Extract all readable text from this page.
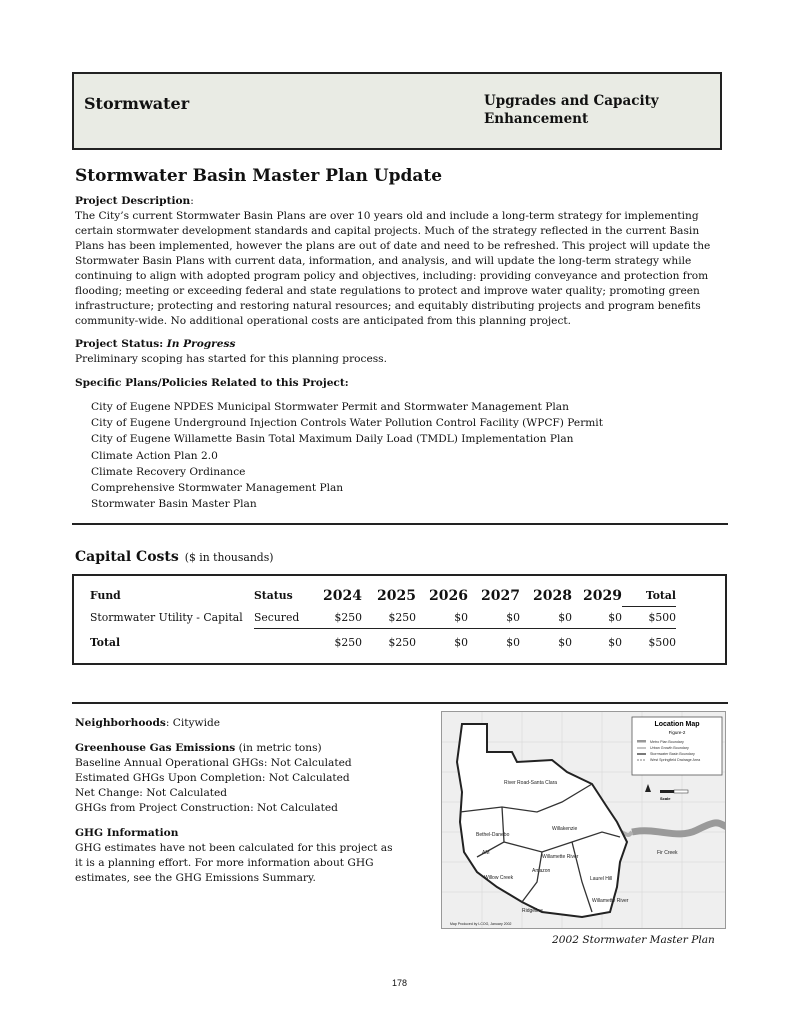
Stormwater	Upgrades and Capacity Enhancement
Stormwater Basin Master Plan Update
Project Description:
The City’s current Stormwater Basin Plans are over 10 years old and include a long-term strategy for implementing certain stormwater development standards and capital projects. Much of the strategy reflected in the current Basin Plans has been implemented, however the plans are out of date and need to be refreshed. This project will update the Stormwater Basin Plans with current data, information, and analysis, and will update the long-term strategy while continuing to align with adopted program policy and objectives, including: providing conveyance and protection from flooding; meeting or exceeding federal and state regulations to protect and improve water quality; promoting green infrastructure; protecting and restoring natural resources; and equitably distributing projects and program benefits community-wide. No additional operational costs are anticipated from this planning project.
Project Status: In Progress
Preliminary scoping has started for this planning process.
Specific Plans/Policies Related to this Project:
City of Eugene NPDES Municipal Stormwater Permit and Stormwater Management Plan
City of Eugene Underground Injection Controls Water Pollution Control Facility (WPCF) Permit
City of Eugene Willamette Basin Total Maximum Daily Load (TMDL) Implementation Plan
Climate Action Plan 2.0
Climate Recovery Ordinance
Comprehensive Stormwater Management Plan
Stormwater Basin Master Plan
Capital Costs ($ in thousands)
Fund	Status	2024	2025	2026	2027	2028	2029	Total
Stormwater Utility - Capital	Secured	$250	$250	$0	$0	$0	$0	$500
Total		$250	$250	$0	$0	$0	$0	$500

Neighborhoods: Citywide

Greenhouse Gas Emissions (in metric tons)
Baseline Annual Operational GHGs: Not Calculated
Estimated GHGs Upon Completion: Not Calculated
Net Change: Not Calculated
GHGs from Project Construction: Not Calculated

GHG Information
GHG estimates have not been calculated for this project as it is a planning effort. For more information about GHG estimates, see the GHG Emissions Summary.

River Road-Santa Clara
Bethel-Danebo
Willakenzie
Willamette River
AM
Amazon
Willow Creek	Laurel Hill
Willamette River
Ridgeline
Fir Creek
Map Produced by LCOG, January 2002
Location Map
Figure-2
Metro Plan Boundary
Urban Growth Boundary
Stormwater Basin Boundary
West Springfield Drainage Area
Scale
2002 Stormwater Master Plan
178
